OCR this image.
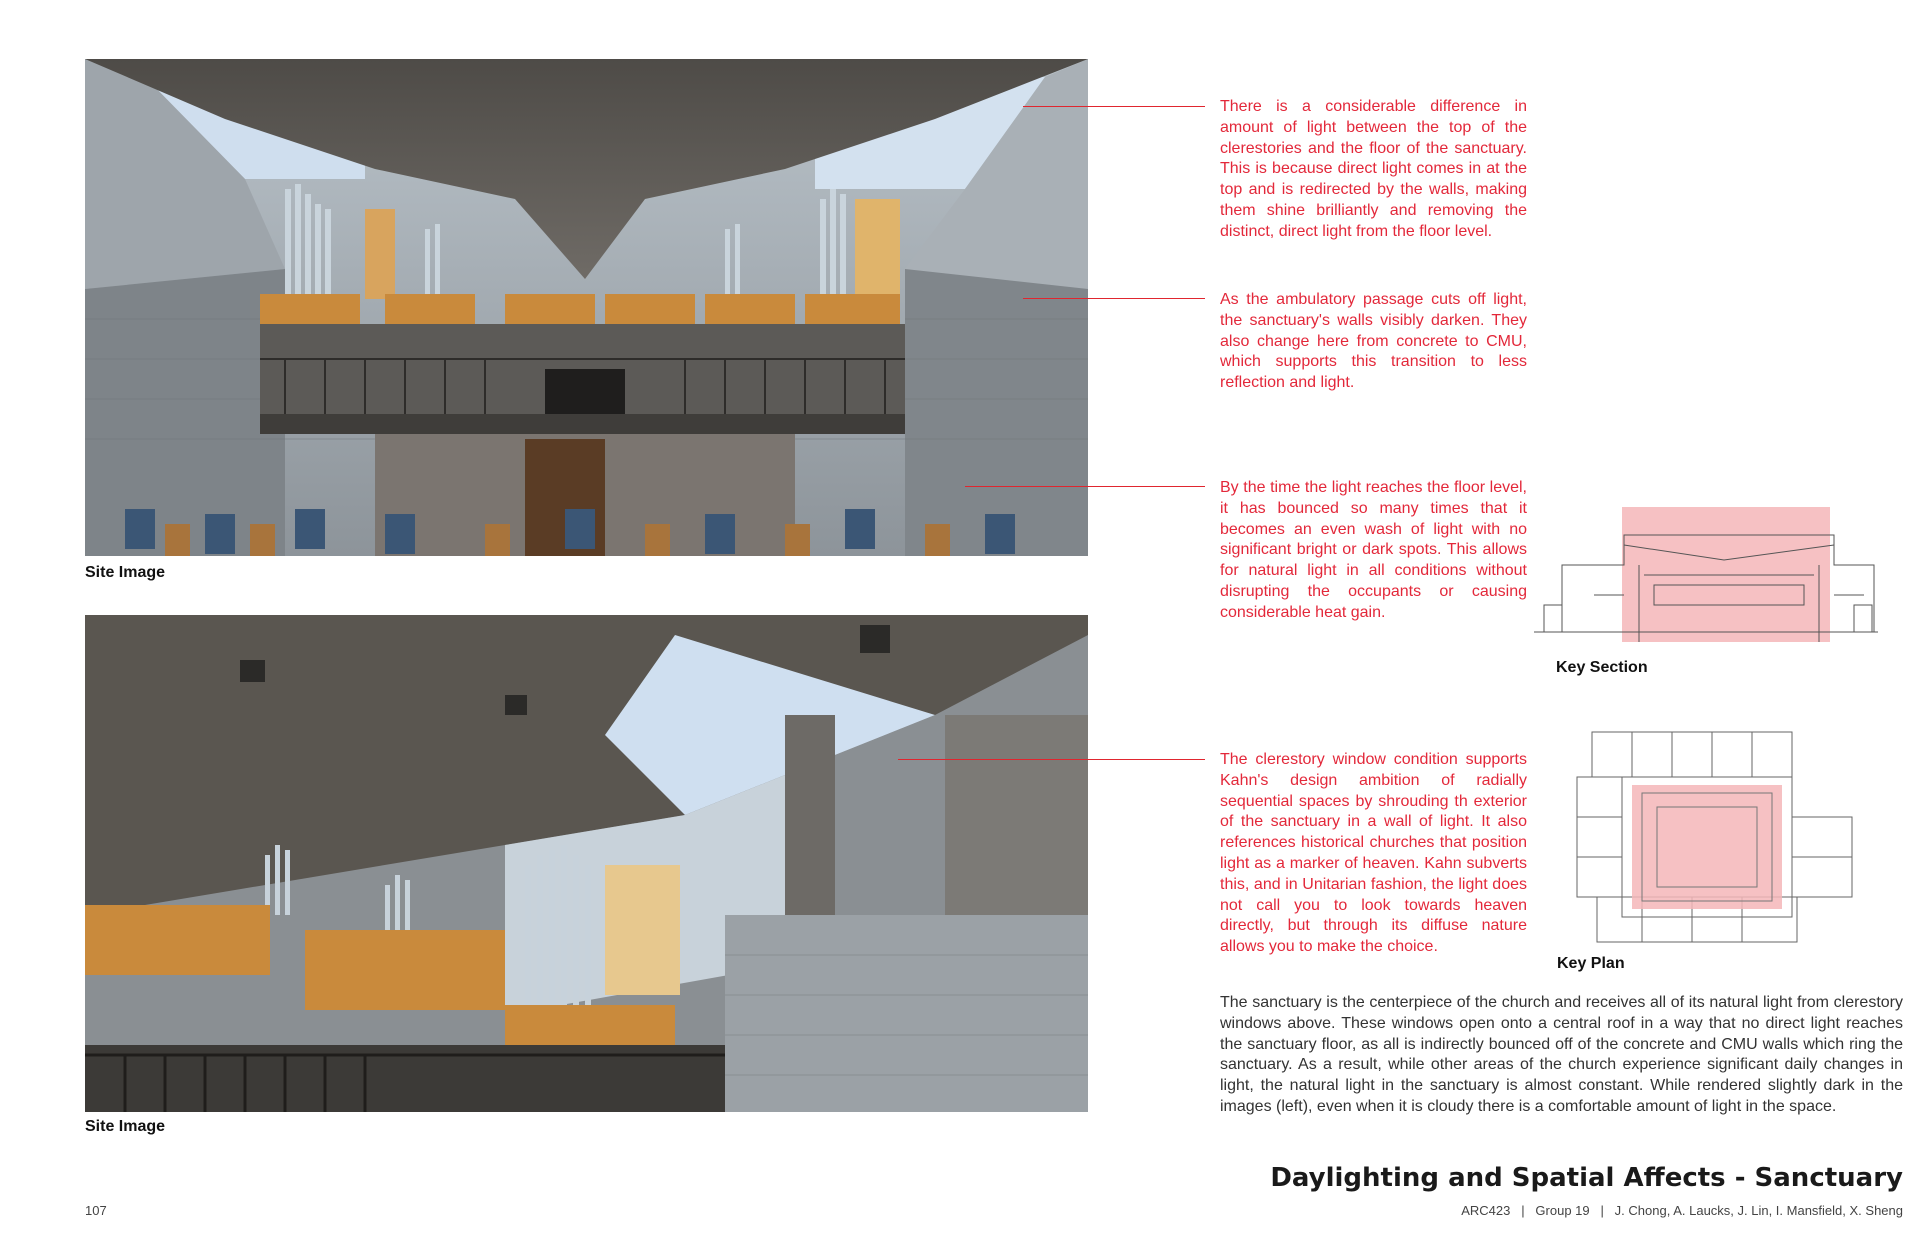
Site Image
Site Image
There is a considerable difference in amount of light between the top of the clerestories and the floor of the sanctuary. This is because direct light comes in at the top and is redirected by the walls, making them shine brilliantly and removing the distinct, direct light from the floor level.
As the ambulatory passage cuts off light, the sanctuary's walls visibly darken. They also change here from concrete to CMU, which supports this transition to less reflection and light.
By the time the light reaches the floor level, it has bounced so many times that it becomes an even wash of light with no significant bright or dark spots. This allows for natural light in all conditions without disrupting the occupants or causing considerable heat gain.
The clerestory window condition supports Kahn's design ambition of radially sequential spaces by shrouding th exterior of the sanctuary in a wall of light. It also references historical churches that position light as a marker of heaven. Kahn subverts this, and in Unitarian fashion, the light does not call you to look towards heaven directly, but through its diffuse nature allows you to make the choice.
Key Section
Key Plan
The sanctuary is the centerpiece of the church and receives all of its natural light from clerestory windows above. These windows open onto a central roof in a way that no direct light reaches the sanctuary floor, as all is indirectly bounced off of the concrete and CMU walls which ring the sanctuary. As a result, while other areas of the church experience significant daily changes in light, the natural light in the sanctuary is almost constant. While rendered slightly dark in the images (left), even when it is cloudy there is a comfortable amount of light in the space.
Daylighting and Spatial Affects - Sanctuary
107	ARC423   |   Group 19   |   J. Chong, A. Laucks, J. Lin, I. Mansfield, X. Sheng
